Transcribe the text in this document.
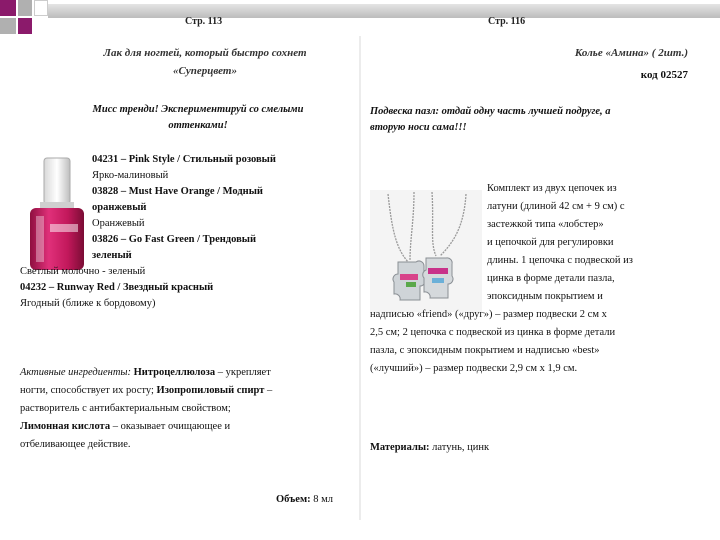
Стр. 113	Стр. 116
Лак для ногтей, который быстро сохнет
«Суперцвет»
Мисс тренди! Экспериментируй со смелыми
оттенками!
04231 – Pink Style / Стильный розовый
Ярко-малиновый
03828 – Must Have Orange / Модный
оранжевый
Оранжевый
03826 – Go Fast Green / Трендовый
зеленый
Светлый молочно - зеленый
04232 – Runway Red / Звездный красный
Ягодный (ближе к бордовому)
Активные ингредиенты: Нитроцеллюлоза – укрепляет
ногти, способствует их росту; Изопропиловый спирт –
растворитель с антибактериальным свойством;
Лимонная кислота – оказывает очищающее и
отбеливающее действие.
Объем: 8 мл
Колье «Амина» ( 2шт.)
код 02527
Подвеска пазл: отдай одну часть лучшей подруге, а
вторую носи сама!!!
Комплект из двух цепочек из
латуни (длиной 42 см + 9 см) с
застежкой типа «лобстер»
и цепочкой для регулировки
длины. 1 цепочка с подвеской из
цинка в форме детали пазла,
эпоксидным покрытием и
надписью «friend» («друг») – размер подвески 2 см х
2,5 см; 2 цепочка с подвеской из цинка в форме детали
пазла, с эпоксидным покрытием и надписью «best»
(«лучший») – размер подвески 2,9 см х 1,9 см.
Материалы: латунь, цинк
